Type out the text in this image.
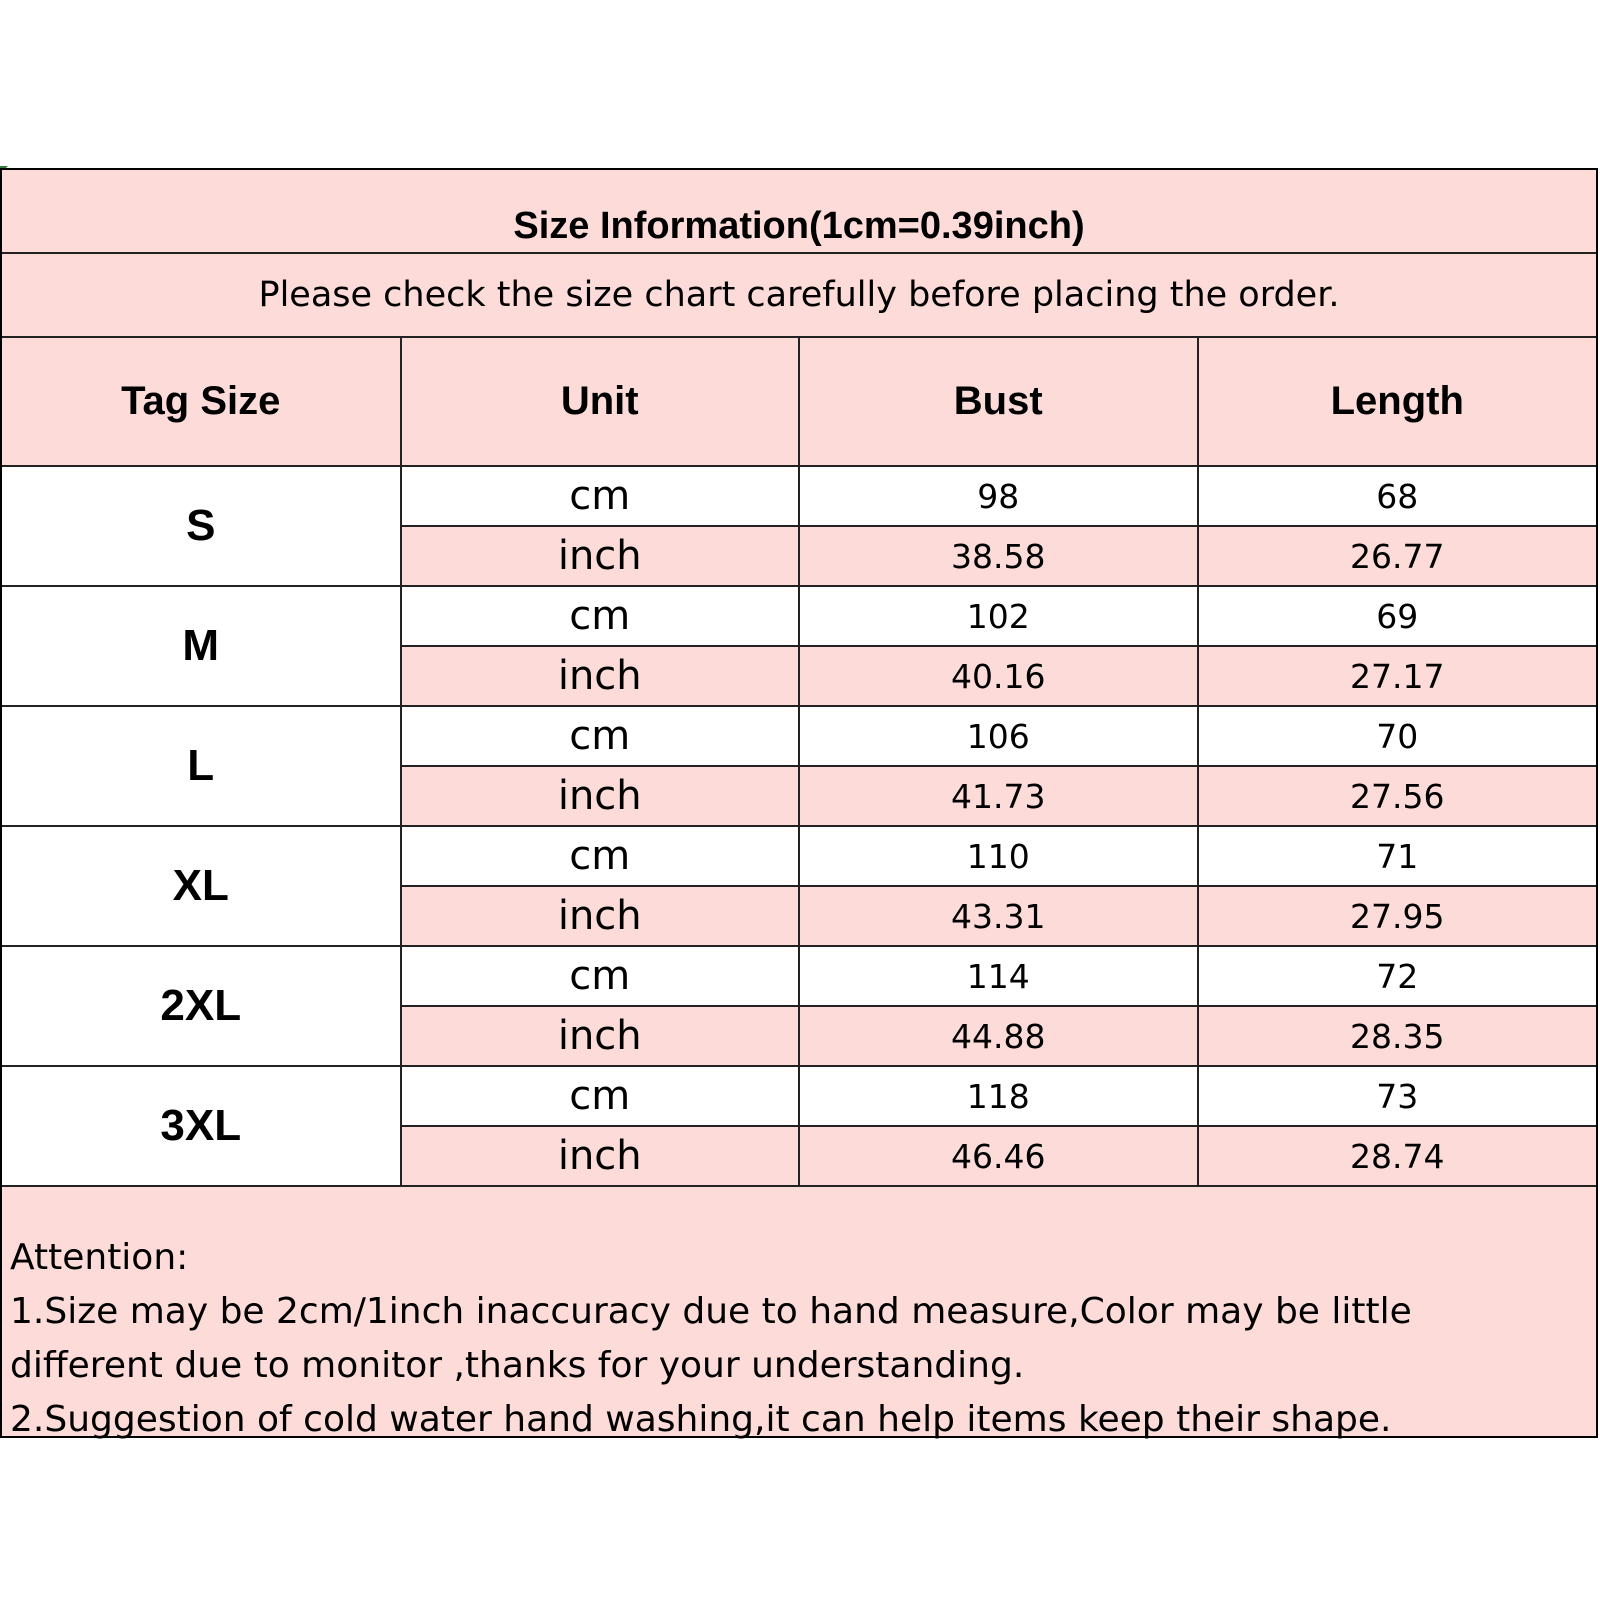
Size Information(1cm=0.39inch)
Please check the size chart carefully before placing the order.
Tag Size	Unit	Bust	Length
S	cm	98	68
	inch	38.58	26.77
M	cm	102	69
	inch	40.16	27.17
L	cm	106	70
	inch	41.73	27.56
XL	cm	110	71
	inch	43.31	27.95
2XL	cm	114	72
	inch	44.88	28.35
3XL	cm	118	73
	inch	46.46	28.74
Attention:
1.Size may be 2cm/1inch inaccuracy due to hand measure,Color may be little
different due to monitor ,thanks for your understanding.
2.Suggestion of cold water hand washing,it can help items keep their shape.
